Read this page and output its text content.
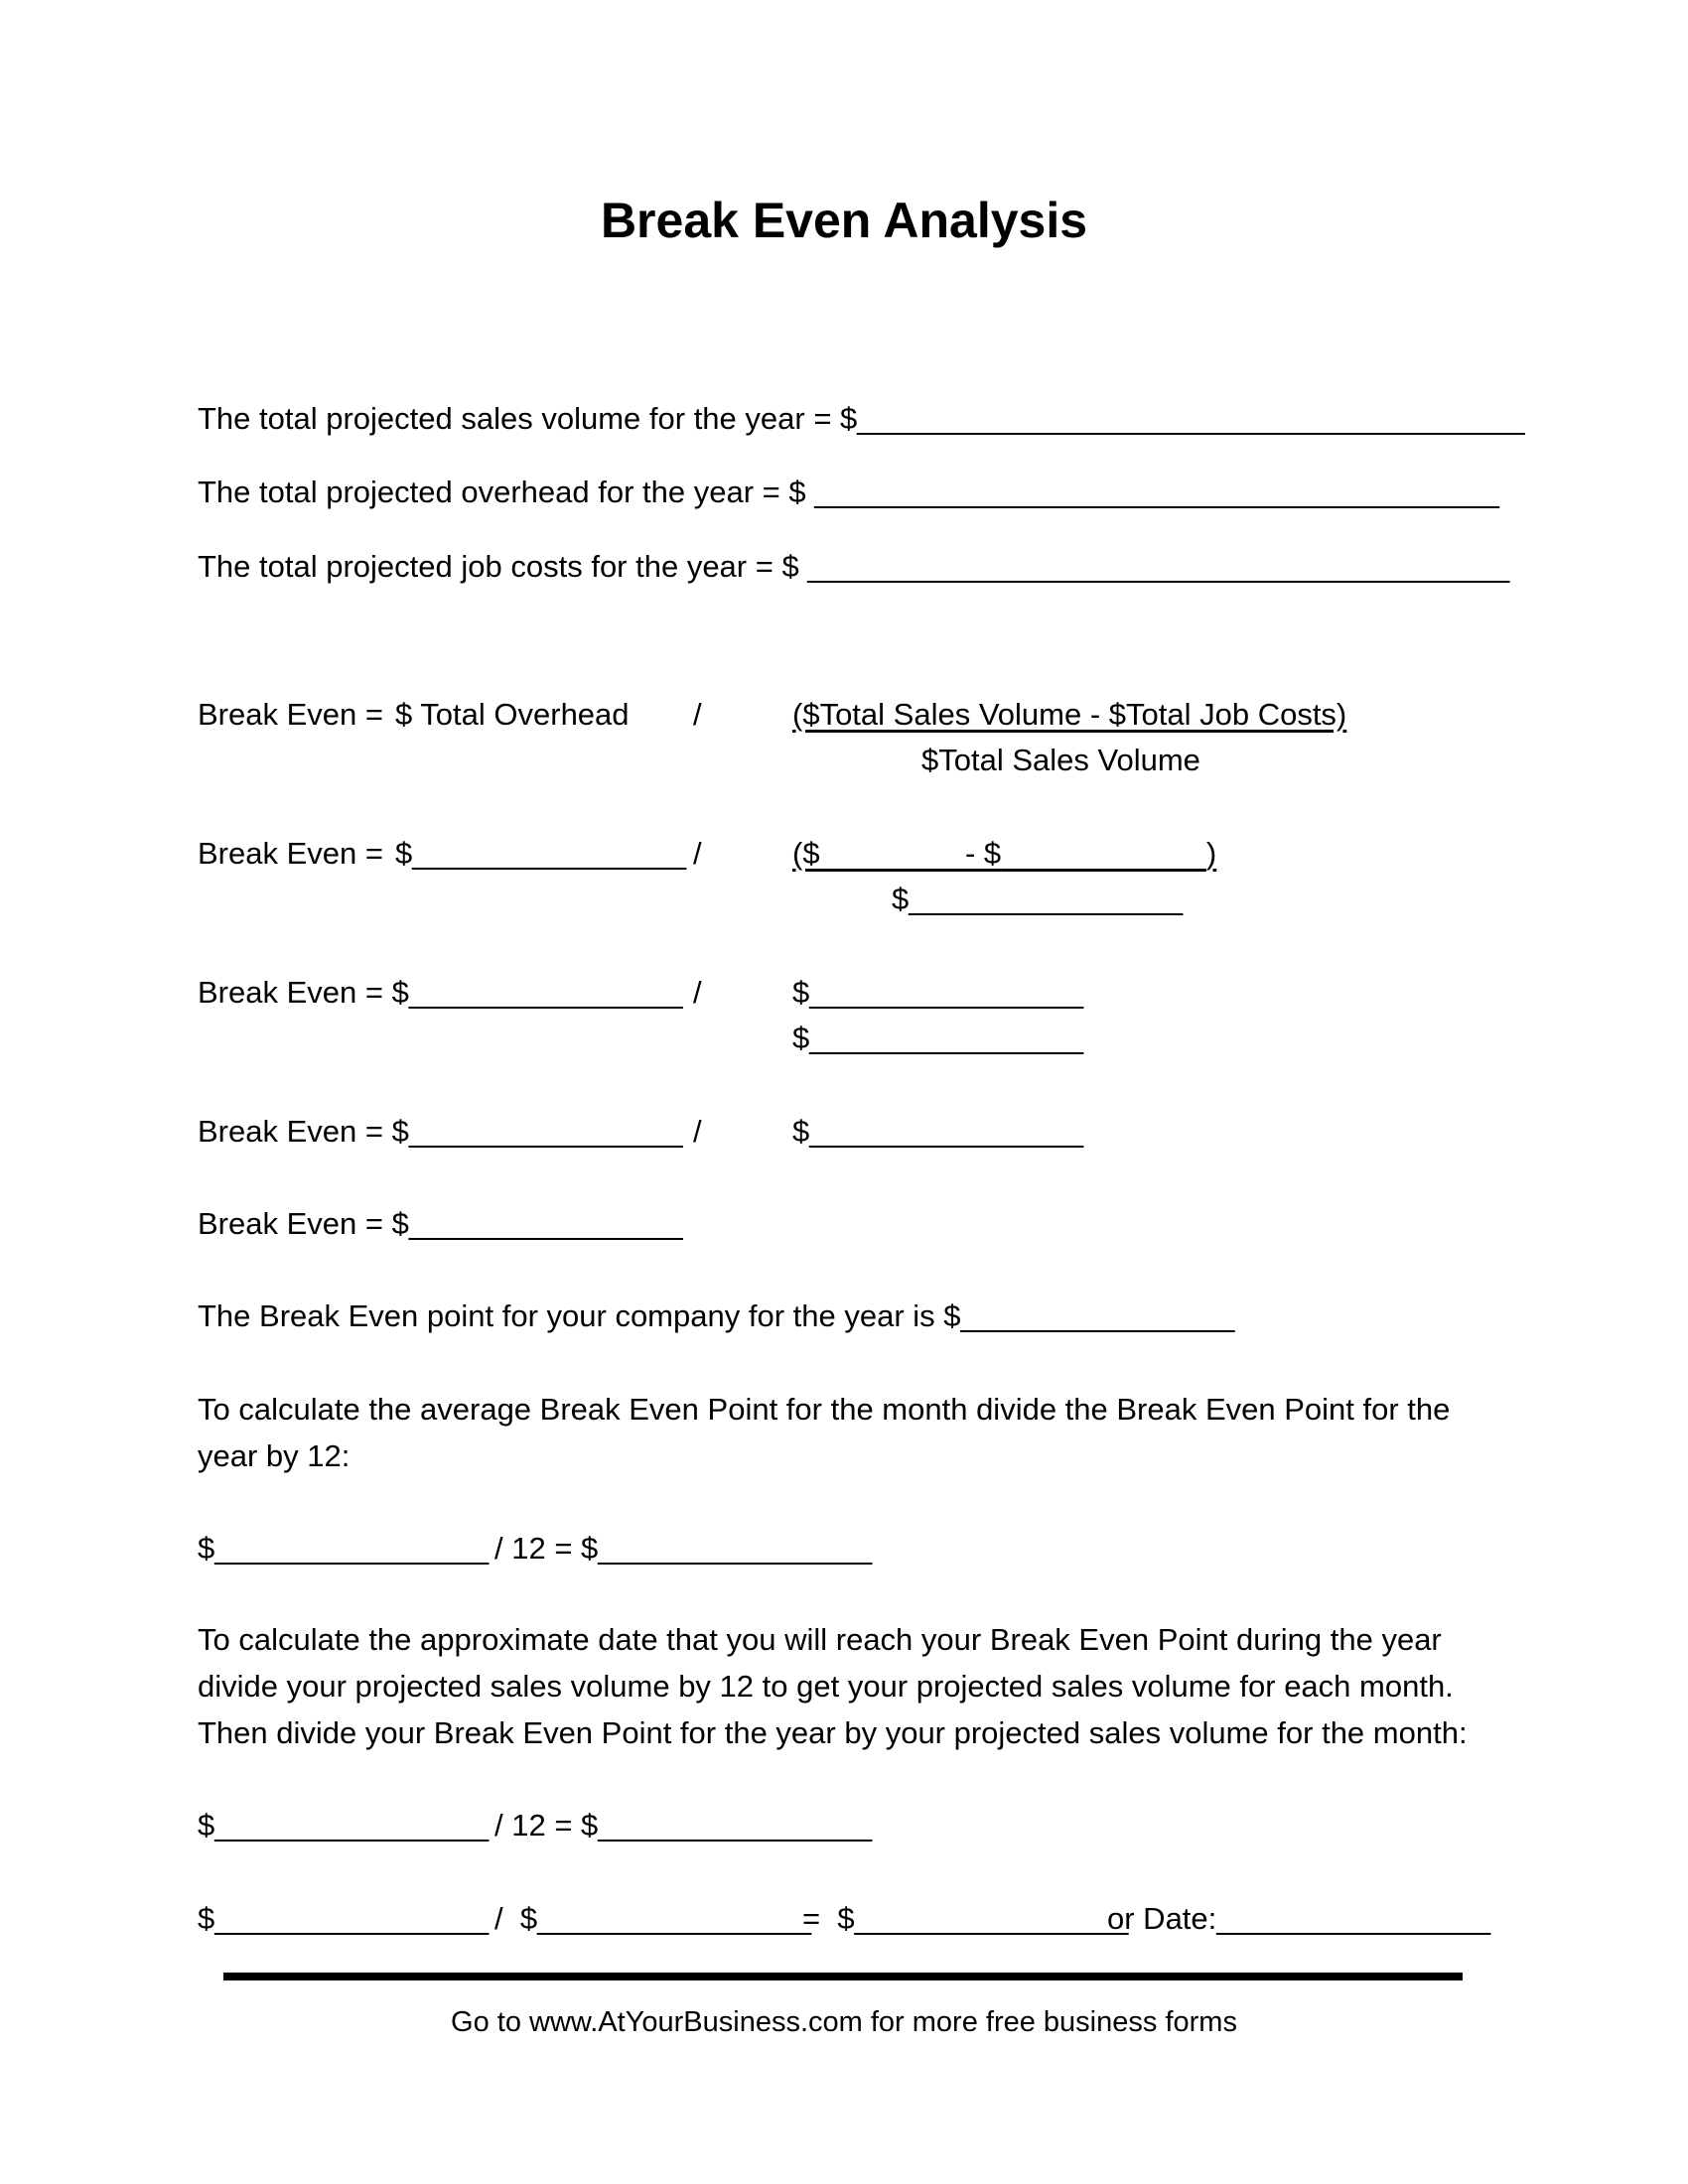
Break Even Analysis
The total projected sales volume for the year = $_______________________________________
The total projected overhead for the year = $ ________________________________________
The total projected job costs for the year = $ _________________________________________
Break Even = $ Total Overhead /	($Total Sales Volume - $Total Job Costs)
$Total Sales Volume
Break Even = $________________ /	($	- $	)
$________________
Break Even = $________________ /	$________________
$________________
Break Even = $________________ /	$________________
Break Even = $________________
The Break Even point for your company for the year is $________________
To calculate the average Break Even Point for the month divide the Break Even Point for the year by 12:
$________________ / 12 = $________________
To calculate the approximate date that you will reach your Break Even Point during the year divide your projected sales volume by 12 to get your projected sales volume for each month. Then divide your Break Even Point for the year by your projected sales volume for the month:
$________________ / 12 = $________________
$________________ /  $________________
=  $________________
or Date:________________
Go to www.AtYourBusiness.com for more free business forms
